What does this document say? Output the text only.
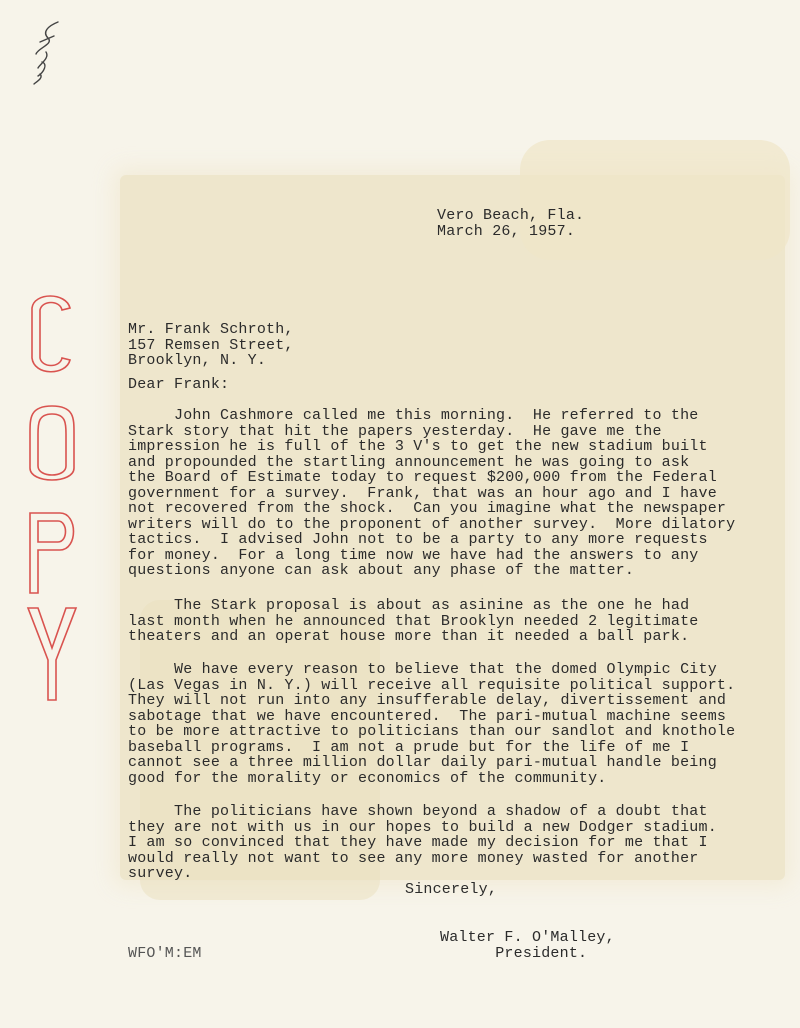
Vero Beach, Fla.
March 26, 1957.
Mr. Frank Schroth,
157 Remsen Street,
Brooklyn, N. Y.
Dear Frank:
John Cashmore called me this morning.  He referred to the
Stark story that hit the papers yesterday.  He gave me the
impression he is full of the 3 V's to get the new stadium built
and propounded the startling announcement he was going to ask
the Board of Estimate today to request $200,000 from the Federal
government for a survey.  Frank, that was an hour ago and I have
not recovered from the shock.  Can you imagine what the newspaper
writers will do to the proponent of another survey.  More dilatory
tactics.  I advised John not to be a party to any more requests
for money.  For a long time now we have had the answers to any
questions anyone can ask about any phase of the matter.
The Stark proposal is about as asinine as the one he had
last month when he announced that Brooklyn needed 2 legitimate
theaters and an operat house more than it needed a ball park.
We have every reason to believe that the domed Olympic City
(Las Vegas in N. Y.) will receive all requisite political support.
They will not run into any insufferable delay, divertissement and
sabotage that we have encountered.  The pari-mutual machine seems
to be more attractive to politicians than our sandlot and knothole
baseball programs.  I am not a prude but for the life of me I
cannot see a three million dollar daily pari-mutual handle being
good for the morality or economics of the community.
The politicians have shown beyond a shadow of a doubt that
they are not with us in our hopes to build a new Dodger stadium.
I am so convinced that they have made my decision for me that I
would really not want to see any more money wasted for another
survey.
Sincerely,
Walter F. O'Malley,
President.
WFO'M:EM
